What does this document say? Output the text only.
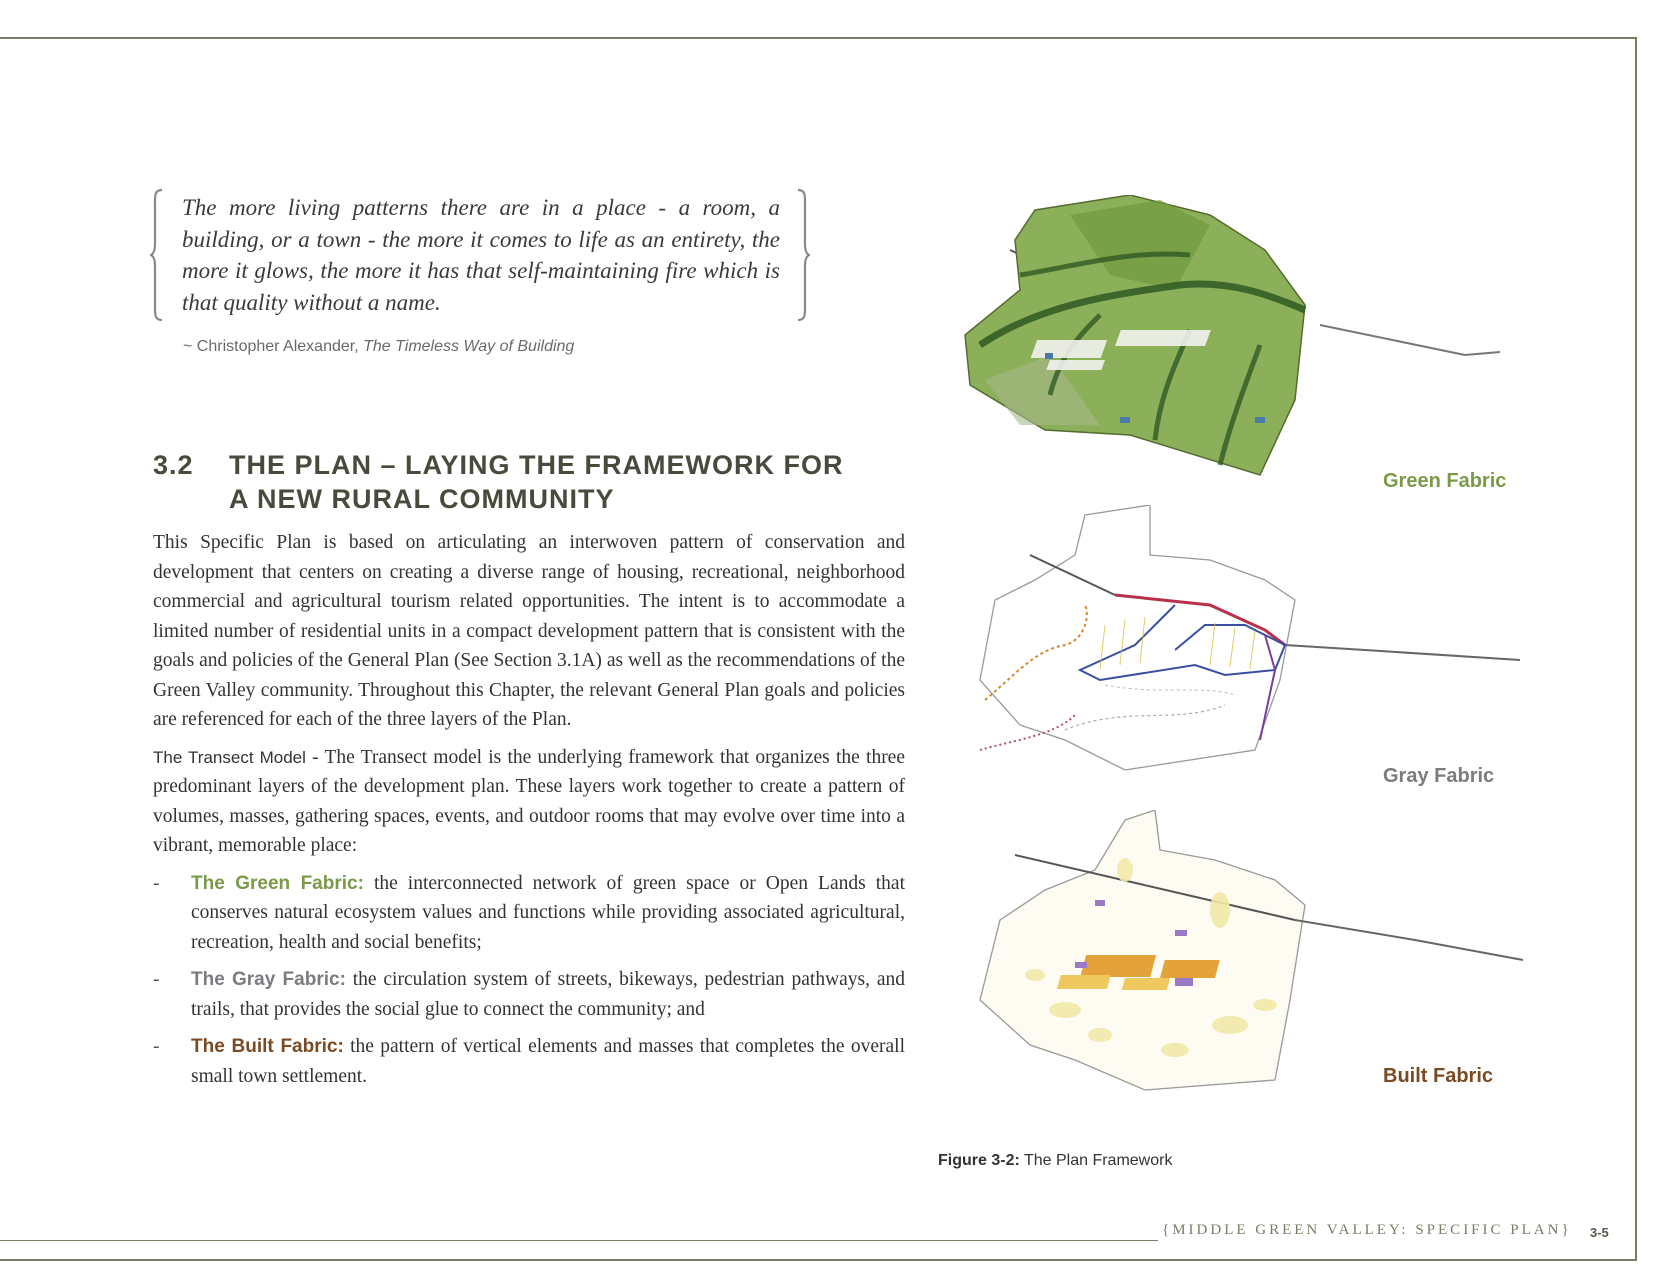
The more living patterns there are in a place - a room, a building, or a town - the more it comes to life as an entirety, the more it glows, the more it has that self-maintaining fire which is that quality without a name.

~ Christopher Alexander, The Timeless Way of Building

3.2 THE PLAN – LAYING THE FRAMEWORK FOR
A NEW RURAL COMMUNITY

This Specific Plan is based on articulating an interwoven pattern of conservation and development that centers on creating a diverse range of housing, recreational, neighborhood commercial and agricultural tourism related opportunities. The intent is to accommodate a limited number of residential units in a compact development pattern that is consistent with the goals and policies of the General Plan (See Section 3.1A) as well as the recommendations of the Green Valley community. Throughout this Chapter, the relevant General Plan goals and policies are referenced for each of the three layers of the Plan.

The Transect Model - The Transect model is the underlying framework that organizes the three predominant layers of the development plan. These layers work together to create a pattern of volumes, masses, gathering spaces, events, and outdoor rooms that may evolve over time into a vibrant, memorable place:

- The Green Fabric: the interconnected network of green space or Open Lands that conserves natural ecosystem values and functions while providing associated agricultural, recreation, health and social benefits;
- The Gray Fabric: the circulation system of streets, bikeways, pedestrian pathways, and trails, that provides the social glue to connect the community; and
- The Built Fabric: the pattern of vertical elements and masses that completes the overall small town settlement.

Green Fabric

Gray Fabric

Built Fabric

Figure 3-2: The Plan Framework

{MIDDLE GREEN VALLEY: SPECIFIC PLAN} 3-5
